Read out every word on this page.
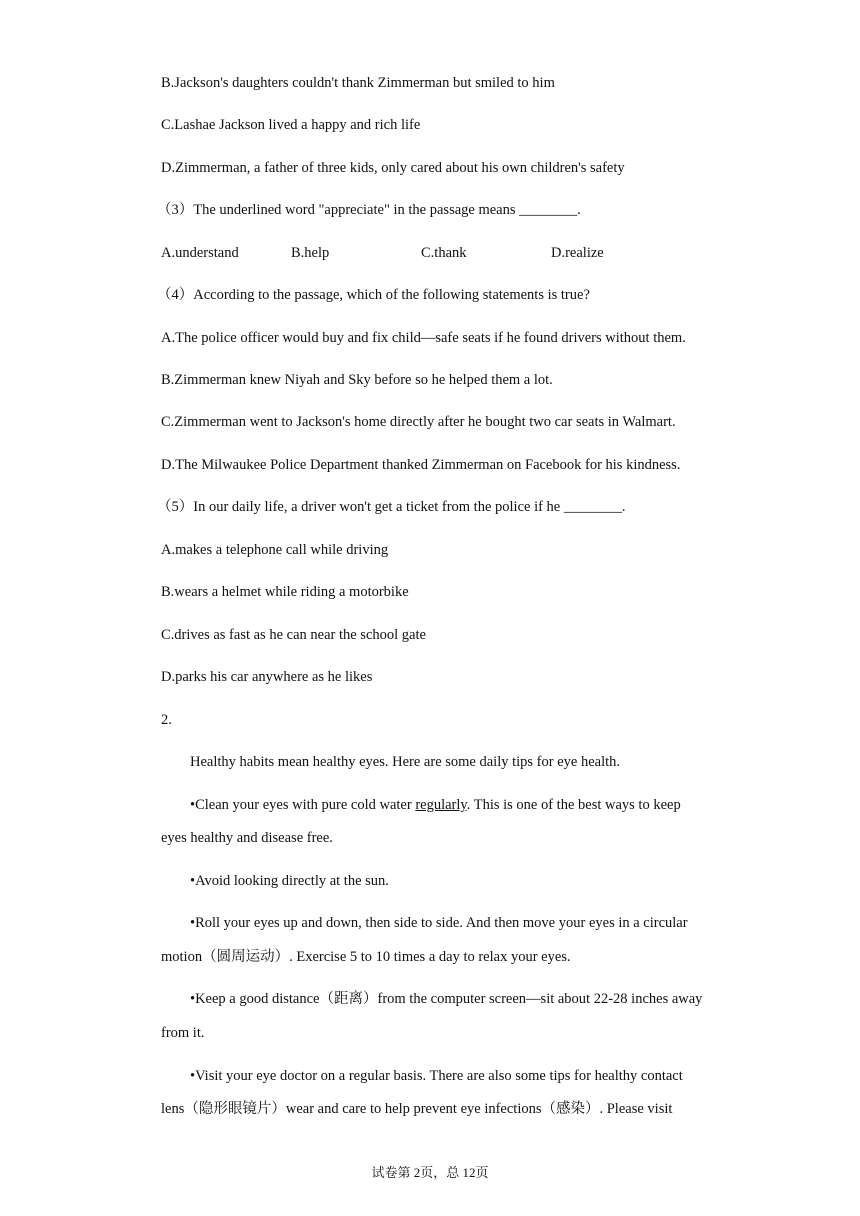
B.Jackson's daughters couldn't thank Zimmerman but smiled to him
C.Lashae Jackson lived a happy and rich life
D.Zimmerman, a father of three kids, only cared about his own children's safety
（3）The underlined word "appreciate" in the passage means ________.
A.understand	B.help	C.thank	D.realize
（4）According to the passage, which of the following statements is true?
A.The police officer would buy and fix child—safe seats if he found drivers without them.
B.Zimmerman knew Niyah and Sky before so he helped them a lot.
C.Zimmerman went to Jackson's home directly after he bought two car seats in Walmart.
D.The Milwaukee Police Department thanked Zimmerman on Facebook for his kindness.
（5）In our daily life, a driver won't get a ticket from the police if he ________.
A.makes a telephone call while driving
B.wears a helmet while riding a motorbike
C.drives as fast as he can near the school gate
D.parks his car anywhere as he likes
2.
Healthy habits mean healthy eyes. Here are some daily tips for eye health.
•Clean your eyes with pure cold water regularly. This is one of the best ways to keep
eyes healthy and disease free.
•Avoid looking directly at the sun.
•Roll your eyes up and down, then side to side. And then move your eyes in a circular
motion（圆周运动）. Exercise 5 to 10 times a day to relax your eyes.
•Keep a good distance（距离）from the computer screen—sit about 22-28 inches away
from it.
•Visit your eye doctor on a regular basis. There are also some tips for healthy contact
lens（隐形眼镜片）wear and care to help prevent eye infections（感染）. Please visit
试卷第 2页，总 12页
